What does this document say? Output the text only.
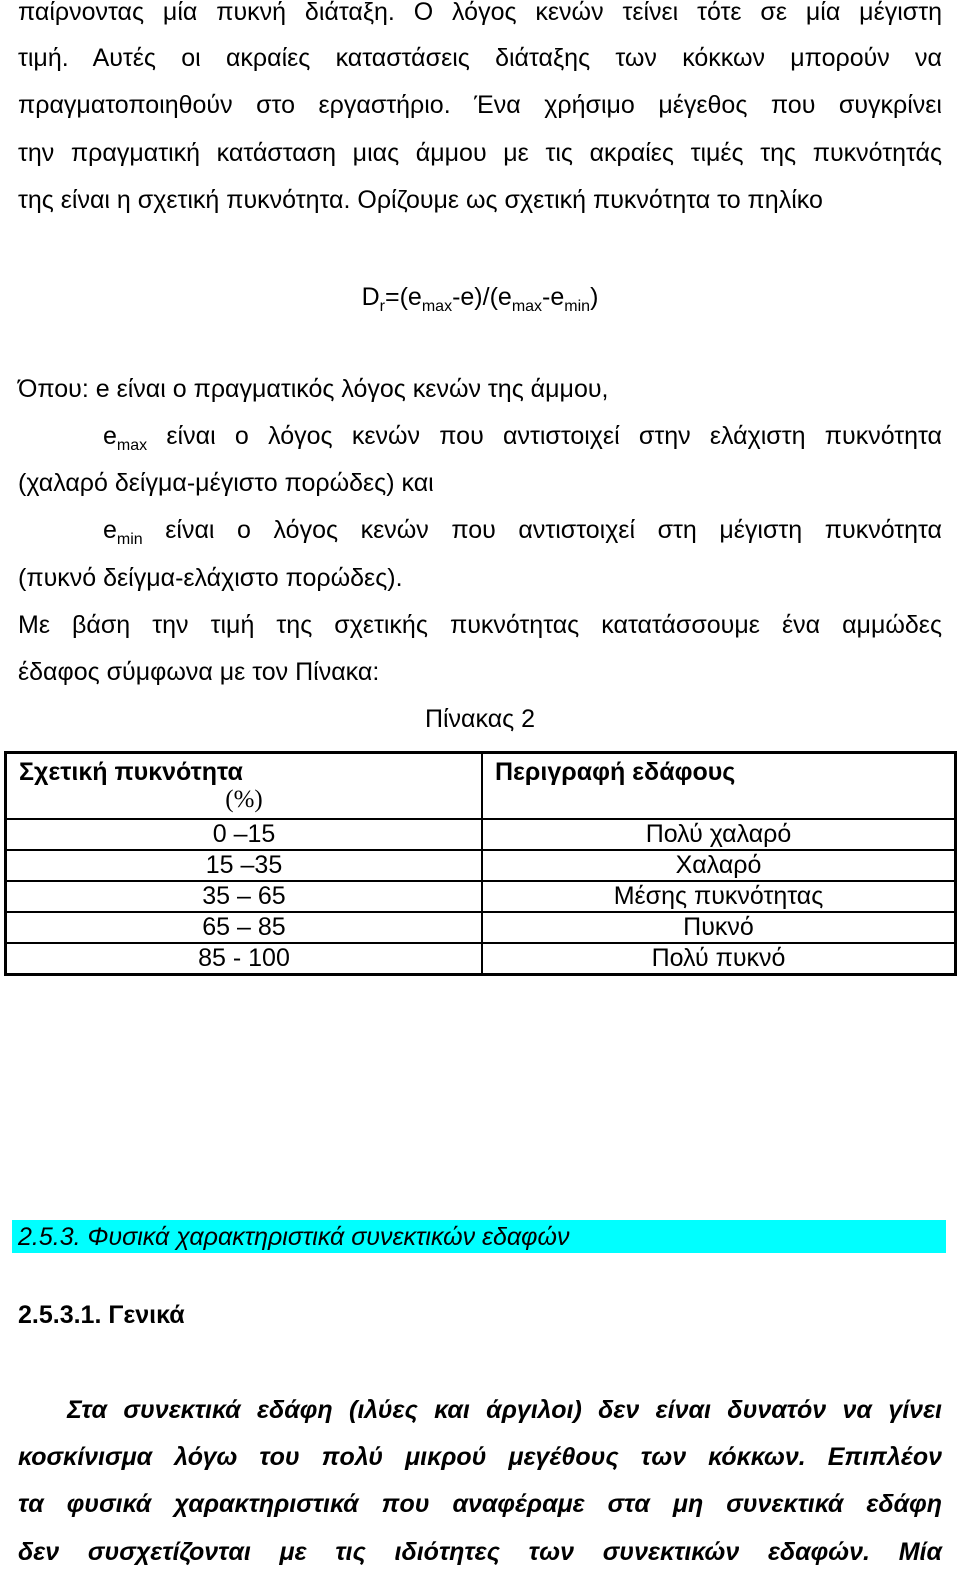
παίρνοντας μία πυκνή διάταξη. Ο λόγος κενών τείνει τότε σε μία μέγιστη
τιμή. Αυτές οι ακραίες καταστάσεις διάταξης των κόκκων μπορούν να
πραγματοποιηθούν στο εργαστήριο. Ένα χρήσιμο μέγεθος που συγκρίνει
την πραγματική κατάσταση μιας άμμου με τις ακραίες τιμές της πυκνότητάς
της είναι η σχετική πυκνότητα. Ορίζουμε ως σχετική πυκνότητα το πηλίκο
$D_r=(e_{max}-e)/(e_{max}-e_{min})$
Όπου: e είναι ο πραγματικός λόγος κενών της άμμου,
$e_{max}$ είναι ο λόγος κενών που αντιστοιχεί στην ελάχιστη πυκνότητα
(χαλαρό δείγμα-μέγιστο πορώδες) και
$e_{min}$ είναι ο λόγος κενών που αντιστοιχεί στη μέγιστη πυκνότητα
(πυκνό δείγμα-ελάχιστο πορώδες).
Με βάση την τιμή της σχετικής πυκνότητας κατατάσσουμε ένα αμμώδες
έδαφος σύμφωνα με τον Πίνακα:
Πίνακας 2
Σχετική πυκνότητα
(%)	Περιγραφή εδάφους

0 –15	Πολύ χαλαρό
15 –35	Χαλαρό
35 – 65	Μέσης πυκνότητας
65 – 85	Πυκνό
85 - 100	Πολύ πυκνό
2.5.3. Φυσικά χαρακτηριστικά συνεκτικών εδαφών
2.5.3.1. Γενικά
Στα συνεκτικά εδάφη (ιλύες και άργιλοι) δεν είναι δυνατόν να γίνει
κοσκίνισμα λόγω του πολύ μικρού μεγέθους των κόκκων. Επιπλέον
τα φυσικά χαρακτηριστικά που αναφέραμε στα μη συνεκτικά εδάφη
δεν συσχετίζονται με τις ιδιότητες των συνεκτικών εδαφών. Μία
